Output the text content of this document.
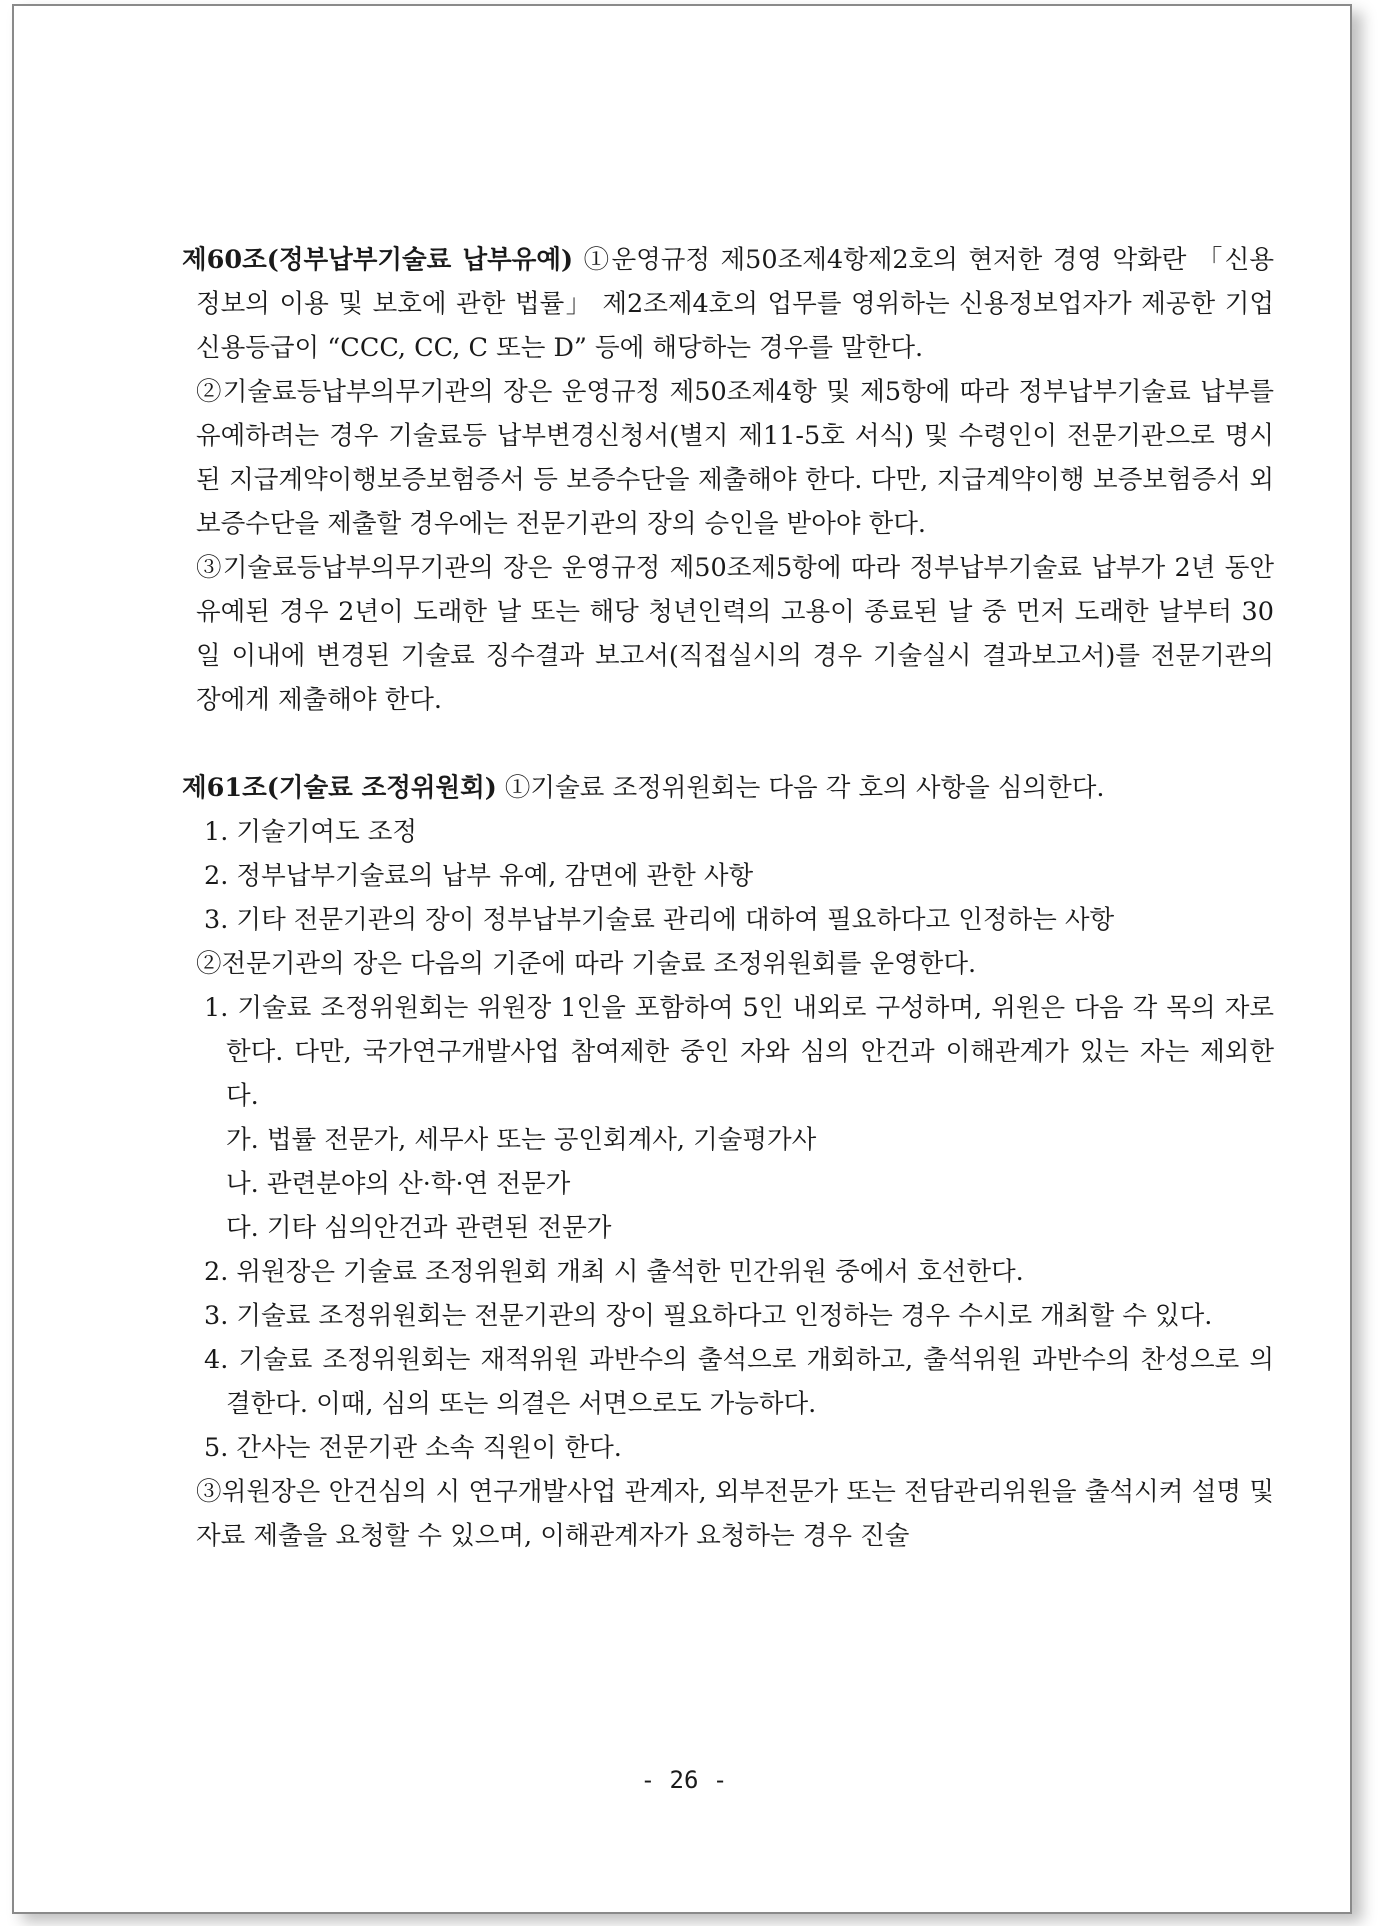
제60조(정부납부기술료 납부유예) ①운영규정 제50조제4항제2호의 현저한 경영 악화란 「신용정보의 이용 및 보호에 관한 법률」 제2조제4호의 업무를 영위하는 신용정보업자가 제공한 기업신용등급이 “CCC, CC, C 또는 D” 등에 해당하는 경우를 말한다.

②기술료등납부의무기관의 장은 운영규정 제50조제4항 및 제5항에 따라 정부납부기술료 납부를 유예하려는 경우 기술료등 납부변경신청서(별지 제11-5호 서식) 및 수령인이 전문기관으로 명시된 지급계약이행보증보험증서 등 보증수단을 제출해야 한다. 다만, 지급계약이행 보증보험증서 외 보증수단을 제출할 경우에는 전문기관의 장의 승인을 받아야 한다.

③기술료등납부의무기관의 장은 운영규정 제50조제5항에 따라 정부납부기술료 납부가 2년 동안 유예된 경우 2년이 도래한 날 또는 해당 청년인력의 고용이 종료된 날 중 먼저 도래한 날부터 30일 이내에 변경된 기술료 징수결과 보고서(직접실시의 경우 기술실시 결과보고서)를 전문기관의 장에게 제출해야 한다.

제61조(기술료 조정위원회) ①기술료 조정위원회는 다음 각 호의 사항을 심의한다.

1. 기술기여도 조정

2. 정부납부기술료의 납부 유예, 감면에 관한 사항

3. 기타 전문기관의 장이 정부납부기술료 관리에 대하여 필요하다고 인정하는 사항

②전문기관의 장은 다음의 기준에 따라 기술료 조정위원회를 운영한다.

1. 기술료 조정위원회는 위원장 1인을 포함하여 5인 내외로 구성하며, 위원은 다음 각 목의 자로 한다. 다만, 국가연구개발사업 참여제한 중인 자와 심의 안건과 이해관계가 있는 자는 제외한다.

가. 법률 전문가, 세무사 또는 공인회계사, 기술평가사

나. 관련분야의 산·학·연 전문가

다. 기타 심의안건과 관련된 전문가

2. 위원장은 기술료 조정위원회 개최 시 출석한 민간위원 중에서 호선한다.

3. 기술료 조정위원회는 전문기관의 장이 필요하다고 인정하는 경우 수시로 개최할 수 있다.

4. 기술료 조정위원회는 재적위원 과반수의 출석으로 개회하고, 출석위원 과반수의 찬성으로 의결한다. 이때, 심의 또는 의결은 서면으로도 가능하다.

5. 간사는 전문기관 소속 직원이 한다.

③위원장은 안건심의 시 연구개발사업 관계자, 외부전문가 또는 전담관리위원을 출석시켜 설명 및 자료 제출을 요청할 수 있으며, 이해관계자가 요청하는 경우 진술

- 26 -
